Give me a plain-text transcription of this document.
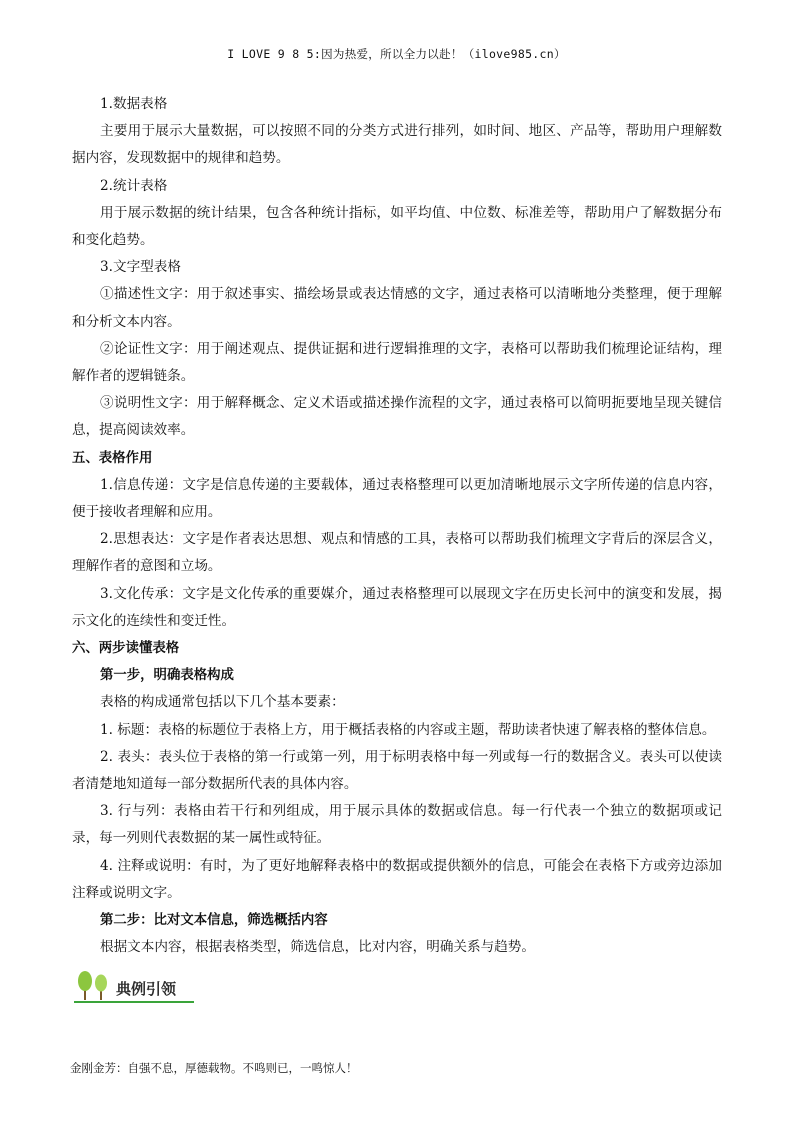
I LOVE 9 8 5:因为热爱，所以全力以赴！（ilove985.cn）

1.数据表格

主要用于展示大量数据，可以按照不同的分类方式进行排列，如时间、地区、产品等，帮助用户理解数据内容，发现数据中的规律和趋势。

2.统计表格

用于展示数据的统计结果，包含各种统计指标，如平均值、中位数、标准差等，帮助用户了解数据分布和变化趋势。

3.文字型表格

①描述性文字：用于叙述事实、描绘场景或表达情感的文字，通过表格可以清晰地分类整理，便于理解和分析文本内容。

②论证性文字：用于阐述观点、提供证据和进行逻辑推理的文字，表格可以帮助我们梳理论证结构，理解作者的逻辑链条。

③说明性文字：用于解释概念、定义术语或描述操作流程的文字，通过表格可以简明扼要地呈现关键信息，提高阅读效率。

五、表格作用

1.信息传递：文字是信息传递的主要载体，通过表格整理可以更加清晰地展示文字所传递的信息内容，便于接收者理解和应用。

2.思想表达：文字是作者表达思想、观点和情感的工具，表格可以帮助我们梳理文字背后的深层含义，理解作者的意图和立场。

3.文化传承：文字是文化传承的重要媒介，通过表格整理可以展现文字在历史长河中的演变和发展，揭示文化的连续性和变迁性。

六、两步读懂表格

第一步，明确表格构成

表格的构成通常包括以下几个基本要素：

1. 标题：表格的标题位于表格上方，用于概括表格的内容或主题，帮助读者快速了解表格的整体信息。

2. 表头：表头位于表格的第一行或第一列，用于标明表格中每一列或每一行的数据含义。表头可以使读者清楚地知道每一部分数据所代表的具体内容。

3. 行与列：表格由若干行和列组成，用于展示具体的数据或信息。每一行代表一个独立的数据项或记录，每一列则代表数据的某一属性或特征。

4. 注释或说明：有时，为了更好地解释表格中的数据或提供额外的信息，可能会在表格下方或旁边添加注释或说明文字。

第二步：比对文本信息，筛选概括内容

根据文本内容，根据表格类型，筛选信息，比对内容，明确关系与趋势。

典例引领
金刚金芳：自强不息，厚德载物。不鸣则已，一鸣惊人！
